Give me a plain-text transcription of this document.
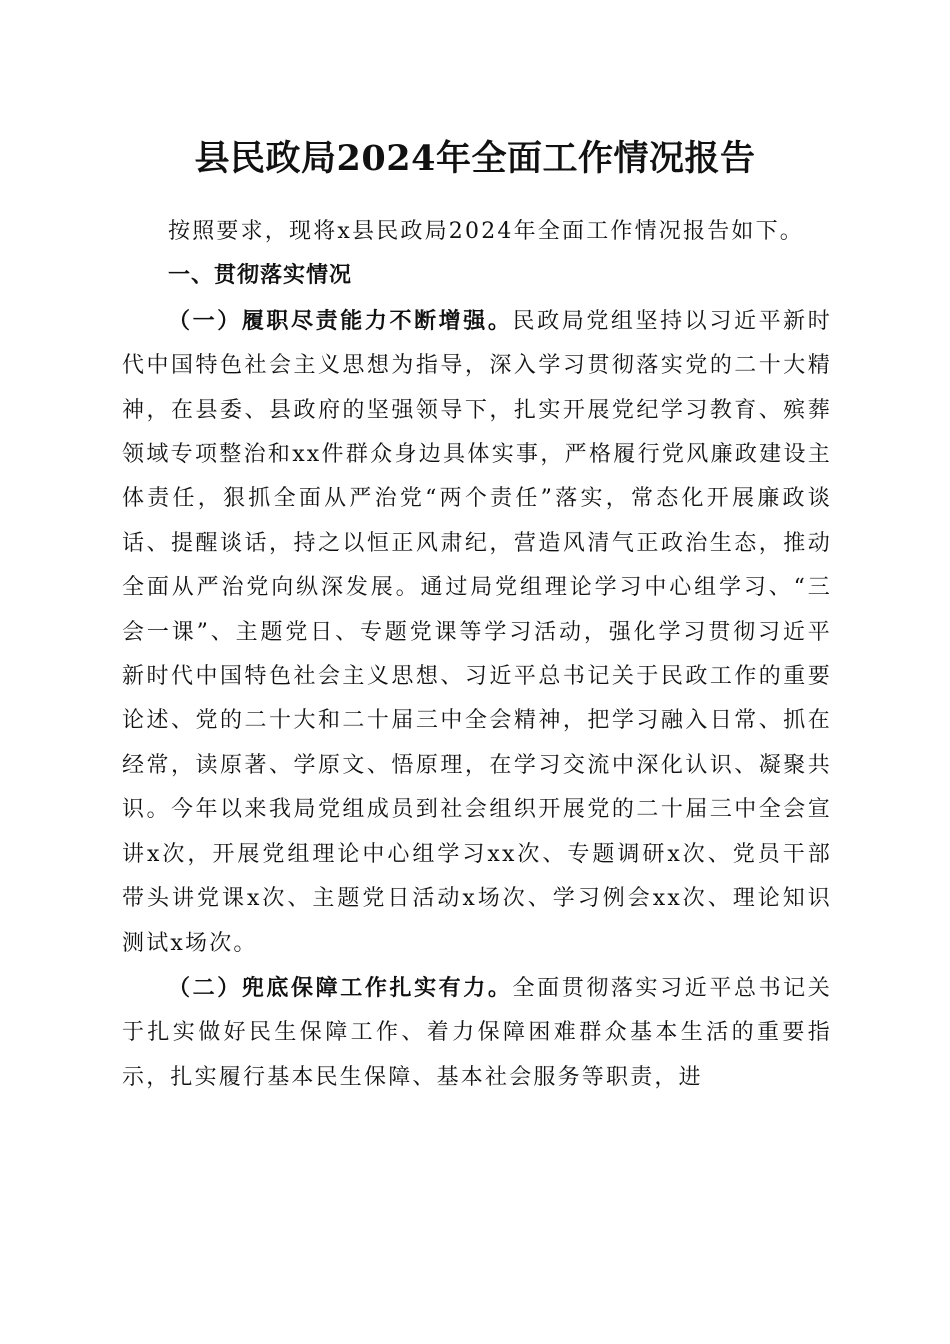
县民政局2024年全面工作情况报告

按照要求，现将x县民政局2024年全面工作情况报告如下。

一、贯彻落实情况

（一）履职尽责能力不断增强。民政局党组坚持以习近平新时代中国特色社会主义思想为指导，深入学习贯彻落实党的二十大精神，在县委、县政府的坚强领导下，扎实开展党纪学习教育、殡葬领域专项整治和xx件群众身边具体实事，严格履行党风廉政建设主体责任，狠抓全面从严治党“两个责任”落实，常态化开展廉政谈话、提醒谈话，持之以恒正风肃纪，营造风清气正政治生态，推动全面从严治党向纵深发展。通过局党组理论学习中心组学习、“三会一课”、主题党日、专题党课等学习活动，强化学习贯彻习近平新时代中国特色社会主义思想、习近平总书记关于民政工作的重要论述、党的二十大和二十届三中全会精神，把学习融入日常、抓在经常，读原著、学原文、悟原理，在学习交流中深化认识、凝聚共识。今年以来我局党组成员到社会组织开展党的二十届三中全会宣讲x次，开展党组理论中心组学习xx次、专题调研x次、党员干部带头讲党课x次、主题党日活动x场次、学习例会xx次、理论知识测试x场次。

（二）兜底保障工作扎实有力。全面贯彻落实习近平总书记关于扎实做好民生保障工作、着力保障困难群众基本生活的重要指示，扎实履行基本民生保障、基本社会服务等职责，进
